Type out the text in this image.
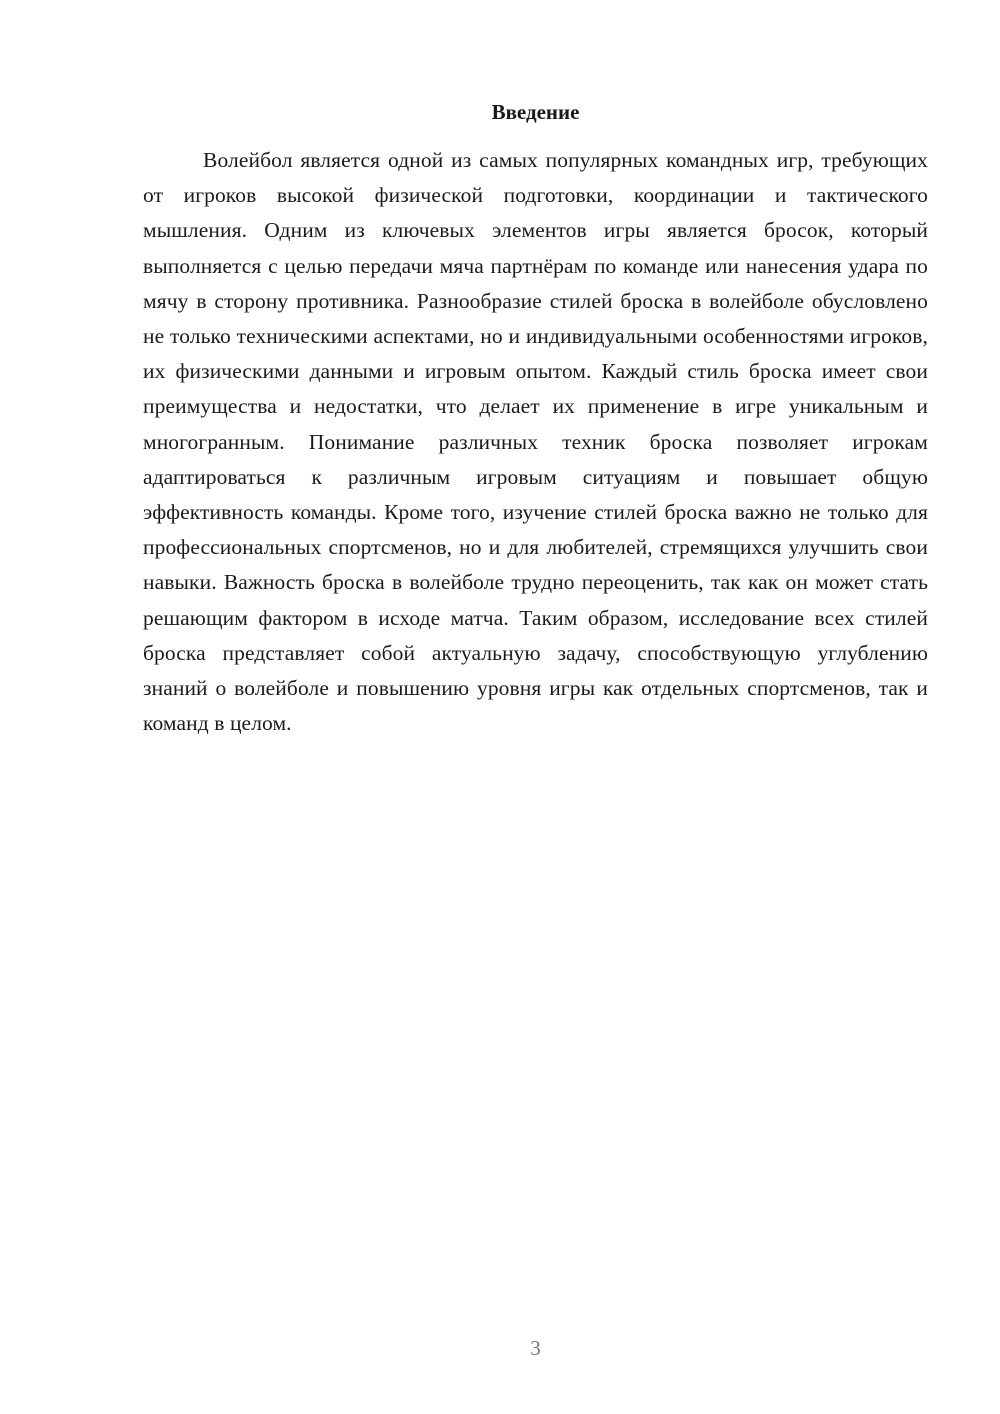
Введение

Волейбол является одной из самых популярных командных игр, требующих от игроков высокой физической подготовки, координации и тактического мышления. Одним из ключевых элементов игры является бросок, который выполняется с целью передачи мяча партнёрам по команде или нанесения удара по мячу в сторону противника. Разнообразие стилей броска в волейболе обусловлено не только техническими аспектами, но и индивидуальными особенностями игроков, их физическими данными и игровым опытом. Каждый стиль броска имеет свои преимущества и недостатки, что делает их применение в игре уникальным и многогранным. Понимание различных техник броска позволяет игрокам адаптироваться к различным игровым ситуациям и повышает общую эффективность команды. Кроме того, изучение стилей броска важно не только для профессиональных спортсменов, но и для любителей, стремящихся улучшить свои навыки. Важность броска в волейболе трудно переоценить, так как он может стать решающим фактором в исходе матча. Таким образом, исследование всех стилей броска представляет собой актуальную задачу, способствующую углублению знаний о волейболе и повышению уровня игры как отдельных спортсменов, так и команд в целом.

3
